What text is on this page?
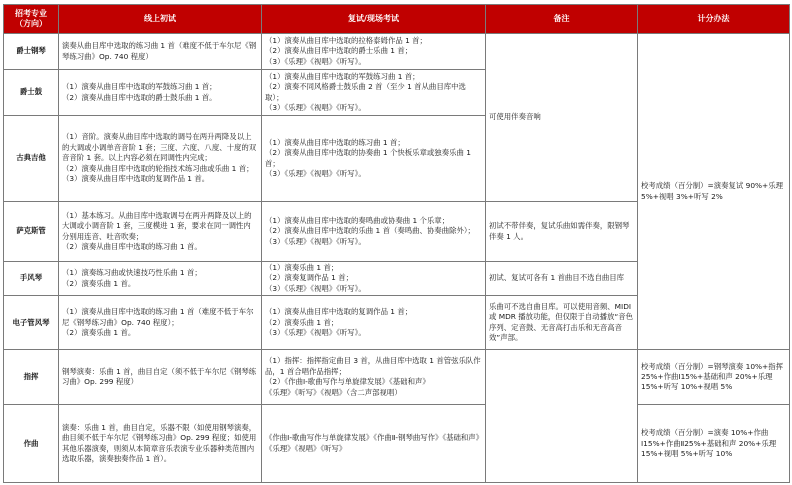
招考专业
（方向）	线上初试	复试/现场考试	备注	计分办法
爵士钢琴	演奏从曲目库中选取的练习曲 1 首（难度不低于车尔尼《钢琴练习曲》Op. 740 程度）	（1）演奏从曲目库中选取的拉格泰姆作品 1 首；
（2）演奏从曲目库中选取的爵士乐曲 1 首；
（3）《乐理》《视唱》《听写》。	可使用伴奏音响	校考成绩（百分制）=演奏复试 90%+乐理 5%+视唱 3%+听写 2%

爵士鼓	（1）演奏从曲目库中选取的军鼓练习曲 1 首；
（2）演奏从曲目库中选取的爵士鼓乐曲 1 首。	（1）演奏从曲目库中选取的军鼓练习曲 1 首；
（2）演奏不同风格爵士鼓乐曲 2 首（至少 1 首从曲目库中选取）；
（3）《乐理》《视唱》《听写》。		

古典吉他	（1）音阶。演奏从曲目库中选取的调号在两升两降及以上的大调或小调单音音阶 1 套；三度、六度、八度、十度的双音音阶 1 套。以上内容必须在同调性内完成；
（2）演奏从曲目库中选取的轮指技术练习曲或乐曲 1 首；
（3）演奏从曲目库中选取的复调作品 1 首。	（1）演奏从曲目库中选取的练习曲 1 首；
（2）演奏从曲目库中选取的协奏曲 1 个快板乐章或独奏乐曲 1 首；
（3）《乐理》《视唱》《听写》。		

萨克斯管	（1）基本练习。从曲目库中选取调号在两升两降及以上的大调或小调音阶 1 套，三度模进 1 套，要求在同一调性内分别用连音、吐音吹奏；
（2）演奏从曲目库中选取的练习曲 1 首。	（1）演奏从曲目库中选取的奏鸣曲或协奏曲 1 个乐章；
（2）演奏从曲目库中选取的乐曲 1 首（奏鸣曲、协奏曲除外）；
（3）《乐理》《视唱》《听写》。	初试不带伴奏，复试乐曲如需伴奏，限钢琴伴奏 1 人。	

手风琴	（1）演奏练习曲或快速技巧性乐曲 1 首；
（2）演奏乐曲 1 首。	（1）演奏乐曲 1 首；
（2）演奏复调作品 1 首；
（3）《乐理》《视唱》《听写》。	初试、复试可各有 1 首曲目不选自曲目库	

电子管风琴	（1）演奏从曲目库中选取的练习曲 1 首（难度不低于车尔尼《钢琴练习曲》Op. 740 程度）；
（2）演奏乐曲 1 首。	（1）演奏从曲目库中选取的复调作品 1 首；
（2）演奏乐曲 1 首；
（3）《乐理》《视唱》《听写》。	乐曲可不选自曲目库。可以使用音频、MIDI 或 MDR 播放功能，但仅限于自动播放“音色序列、定音鼓、无音高打击乐和无音高音效”声部。	

指挥	钢琴演奏：乐曲 1 首，曲目自定（须不低于车尔尼《钢琴练习曲》Op. 299 程度）	（1）指挥：指挥指定曲目 3 首，从曲目库中选取 1 首管弦乐队作品，1 首合唱作品指挥；
（2）《作曲Ⅰ-歌曲写作与单旋律发展》《基础和声》
《乐理》《听写》《视唱》（含二声部视唱）		校考成绩（百分制）=钢琴演奏 10%+指挥 25%+作曲Ⅰ15%+基础和声 20%+乐理 15%+听写 10%+视唱 5%

作曲	演奏：乐曲 1 首，曲目自定，乐器不限（如使用钢琴演奏，曲目须不低于车尔尼《钢琴练习曲》Op. 299 程度；如使用其他乐器演奏，则须从本简章音乐表演专业乐器种类范围内选取乐器，演奏独奏作品 1 首）。	《作曲Ⅰ-歌曲写作与单旋律发展》《作曲Ⅱ-钢琴曲写作》《基础和声》《乐理》《视唱》《听写》		校考成绩（百分制）=演奏 10%+作曲Ⅰ15%+作曲Ⅱ25%+基础和声 20%+乐理 15%+视唱 5%+听写 10%
